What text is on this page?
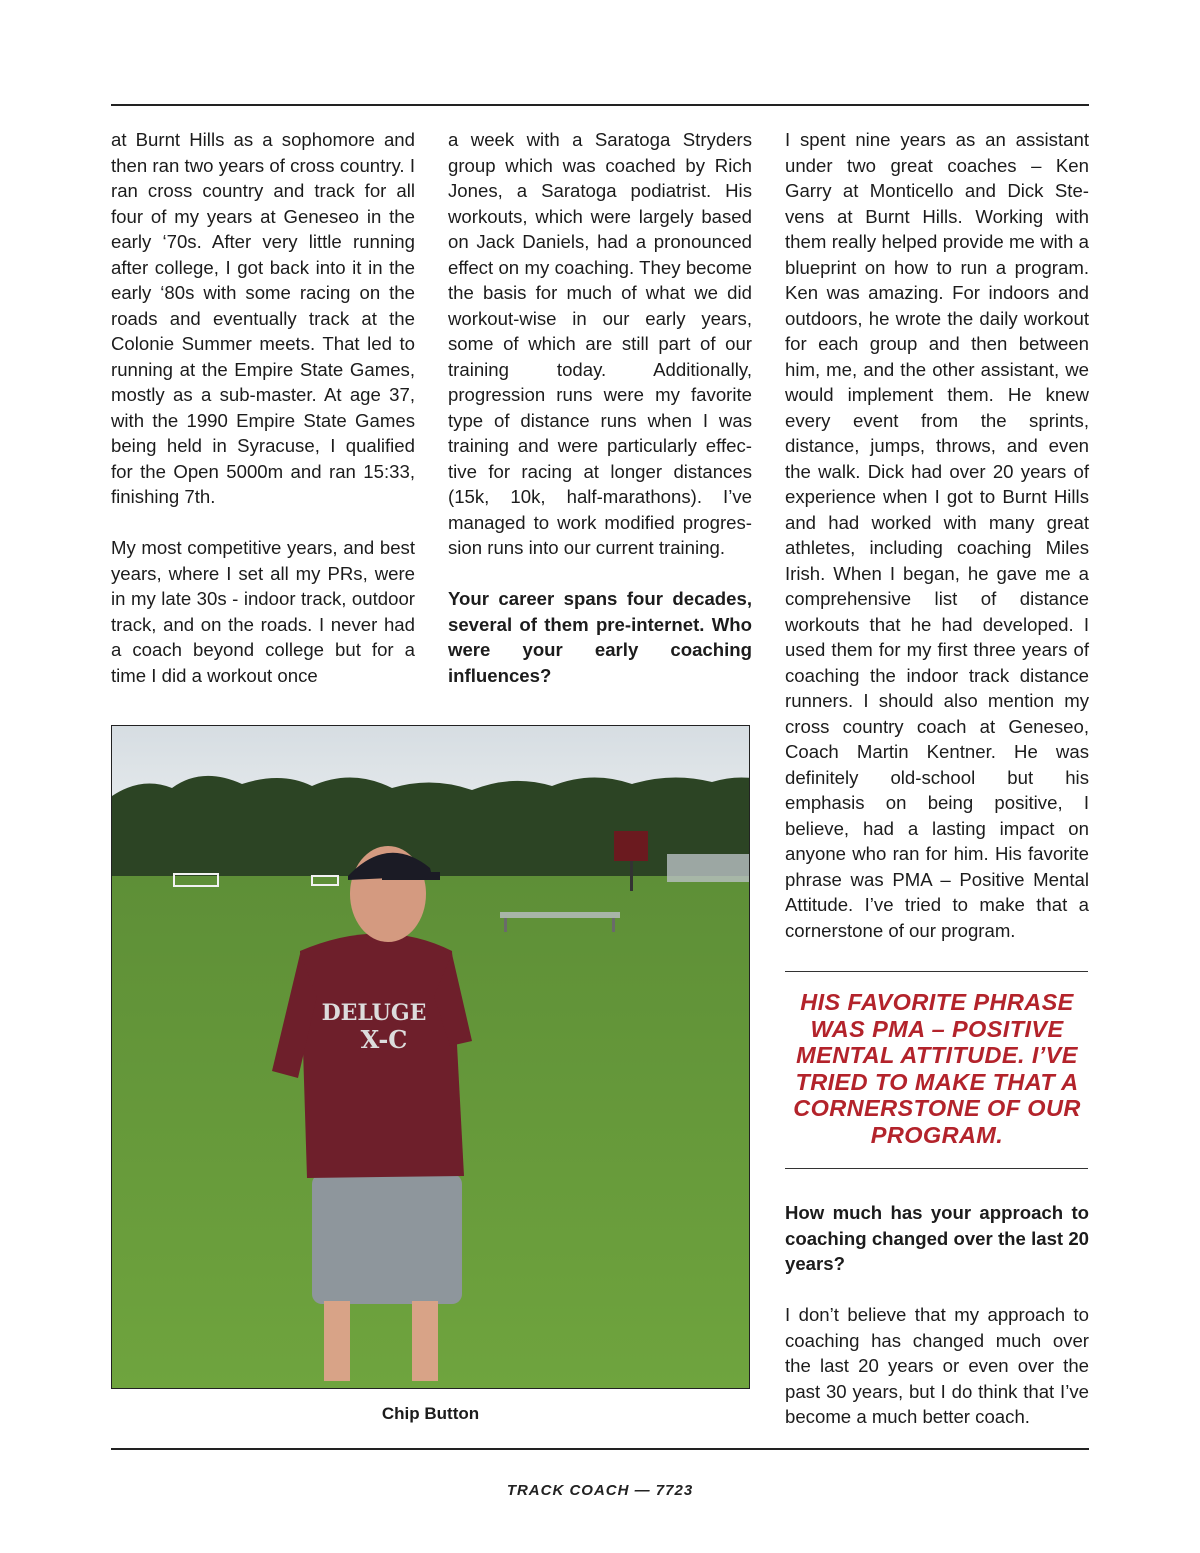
at Burnt Hills as a sophomore and then ran two years of cross country. I ran cross country and track for all four of my years at Geneseo in the early ‘70s. After very little running after college, I got back into it in the early ‘80s with some racing on the roads and eventually track at the Colonie Summer meets. That led to running at the Empire State Games, mostly as a sub-master. At age 37, with the 1990 Empire State Games being held in Syracuse, I qualified for the Open 5000m and ran 15:33, finishing 7th.

My most competitive years, and best years, where I set all my PRs, were in my late 30s - indoor track, outdoor track, and on the roads. I never had a coach beyond college but for a time I did a workout once

a week with a Saratoga Stryders group which was coached by Rich Jones, a Saratoga podiatrist. His workouts, which were largely based on Jack Daniels, had a pronounced effect on my coaching. They become the basis for much of what we did workout-wise in our early years, some of which are still part of our training today. Additionally, progression runs were my favorite type of distance runs when I was training and were particularly effective for racing at longer distances (15k, 10k, half-marathons). I’ve managed to work modified progression runs into our current training.

Your career spans four decades, several of them pre-internet. Who were your early coaching influences?

I spent nine years as an assistant under two great coaches – Ken Garry at Monticello and Dick Stevens at Burnt Hills. Working with them really helped provide me with a blueprint on how to run a program. Ken was amazing. For indoors and outdoors, he wrote the daily workout for each group and then between him, me, and the other assistant, we would implement them. He knew every event from the sprints, distance, jumps, throws, and even the walk. Dick had over 20 years of experience when I got to Burnt Hills and had worked with many great athletes, including coaching Miles Irish. When I began, he gave me a comprehensive list of distance workouts that he had developed. I used them for my first three years of coaching the indoor track distance runners. I should also mention my cross country coach at Geneseo, Coach Martin Kentner. He was definitely old-school but his emphasis on being positive, I believe, had a lasting impact on anyone who ran for him. His favorite phrase was PMA – Positive Mental Attitude. I’ve tried to make that a cornerstone of our program.

HIS FAVORITE PHRASE WAS PMA – POSITIVE MENTAL ATTITUDE. I’VE TRIED TO MAKE THAT A CORNERSTONE OF OUR PROGRAM.

How much has your approach to coaching changed over the last 20 years?

I don’t believe that my approach to coaching has changed much over the last 20 years or even over the past 30 years, but I do think that I’ve become a much better coach.

DELUGE
X-C
Chip Button
TRACK COACH — 7723
